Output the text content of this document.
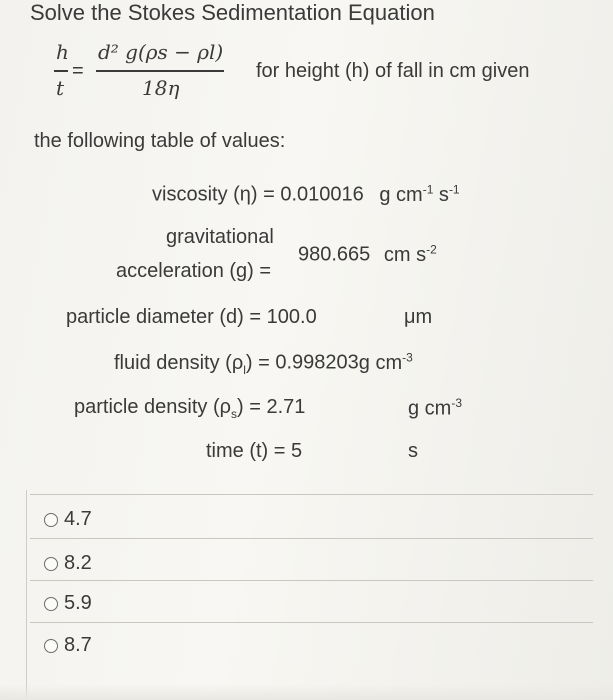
Solve the Stokes Sedimentation Equation
h
t
=
d² g(ρs − ρl)
18η
for height (h) of fall in cm given
the following table of values:
viscosity (η) = 0.010016 g $cm^{-1}$ $s^{-1}$
gravitational
acceleration (g) =
980.665 cm $s^{-2}$
particle diameter (d) = 100.0	μm
fluid density $(\rho_l) = 0.998203g$ $cm^{-3}$
particle density $(\rho_s) = 2.71$	g $cm^{-3}$
time (t) = 5	s
4.7
8.2
5.9
8.7
